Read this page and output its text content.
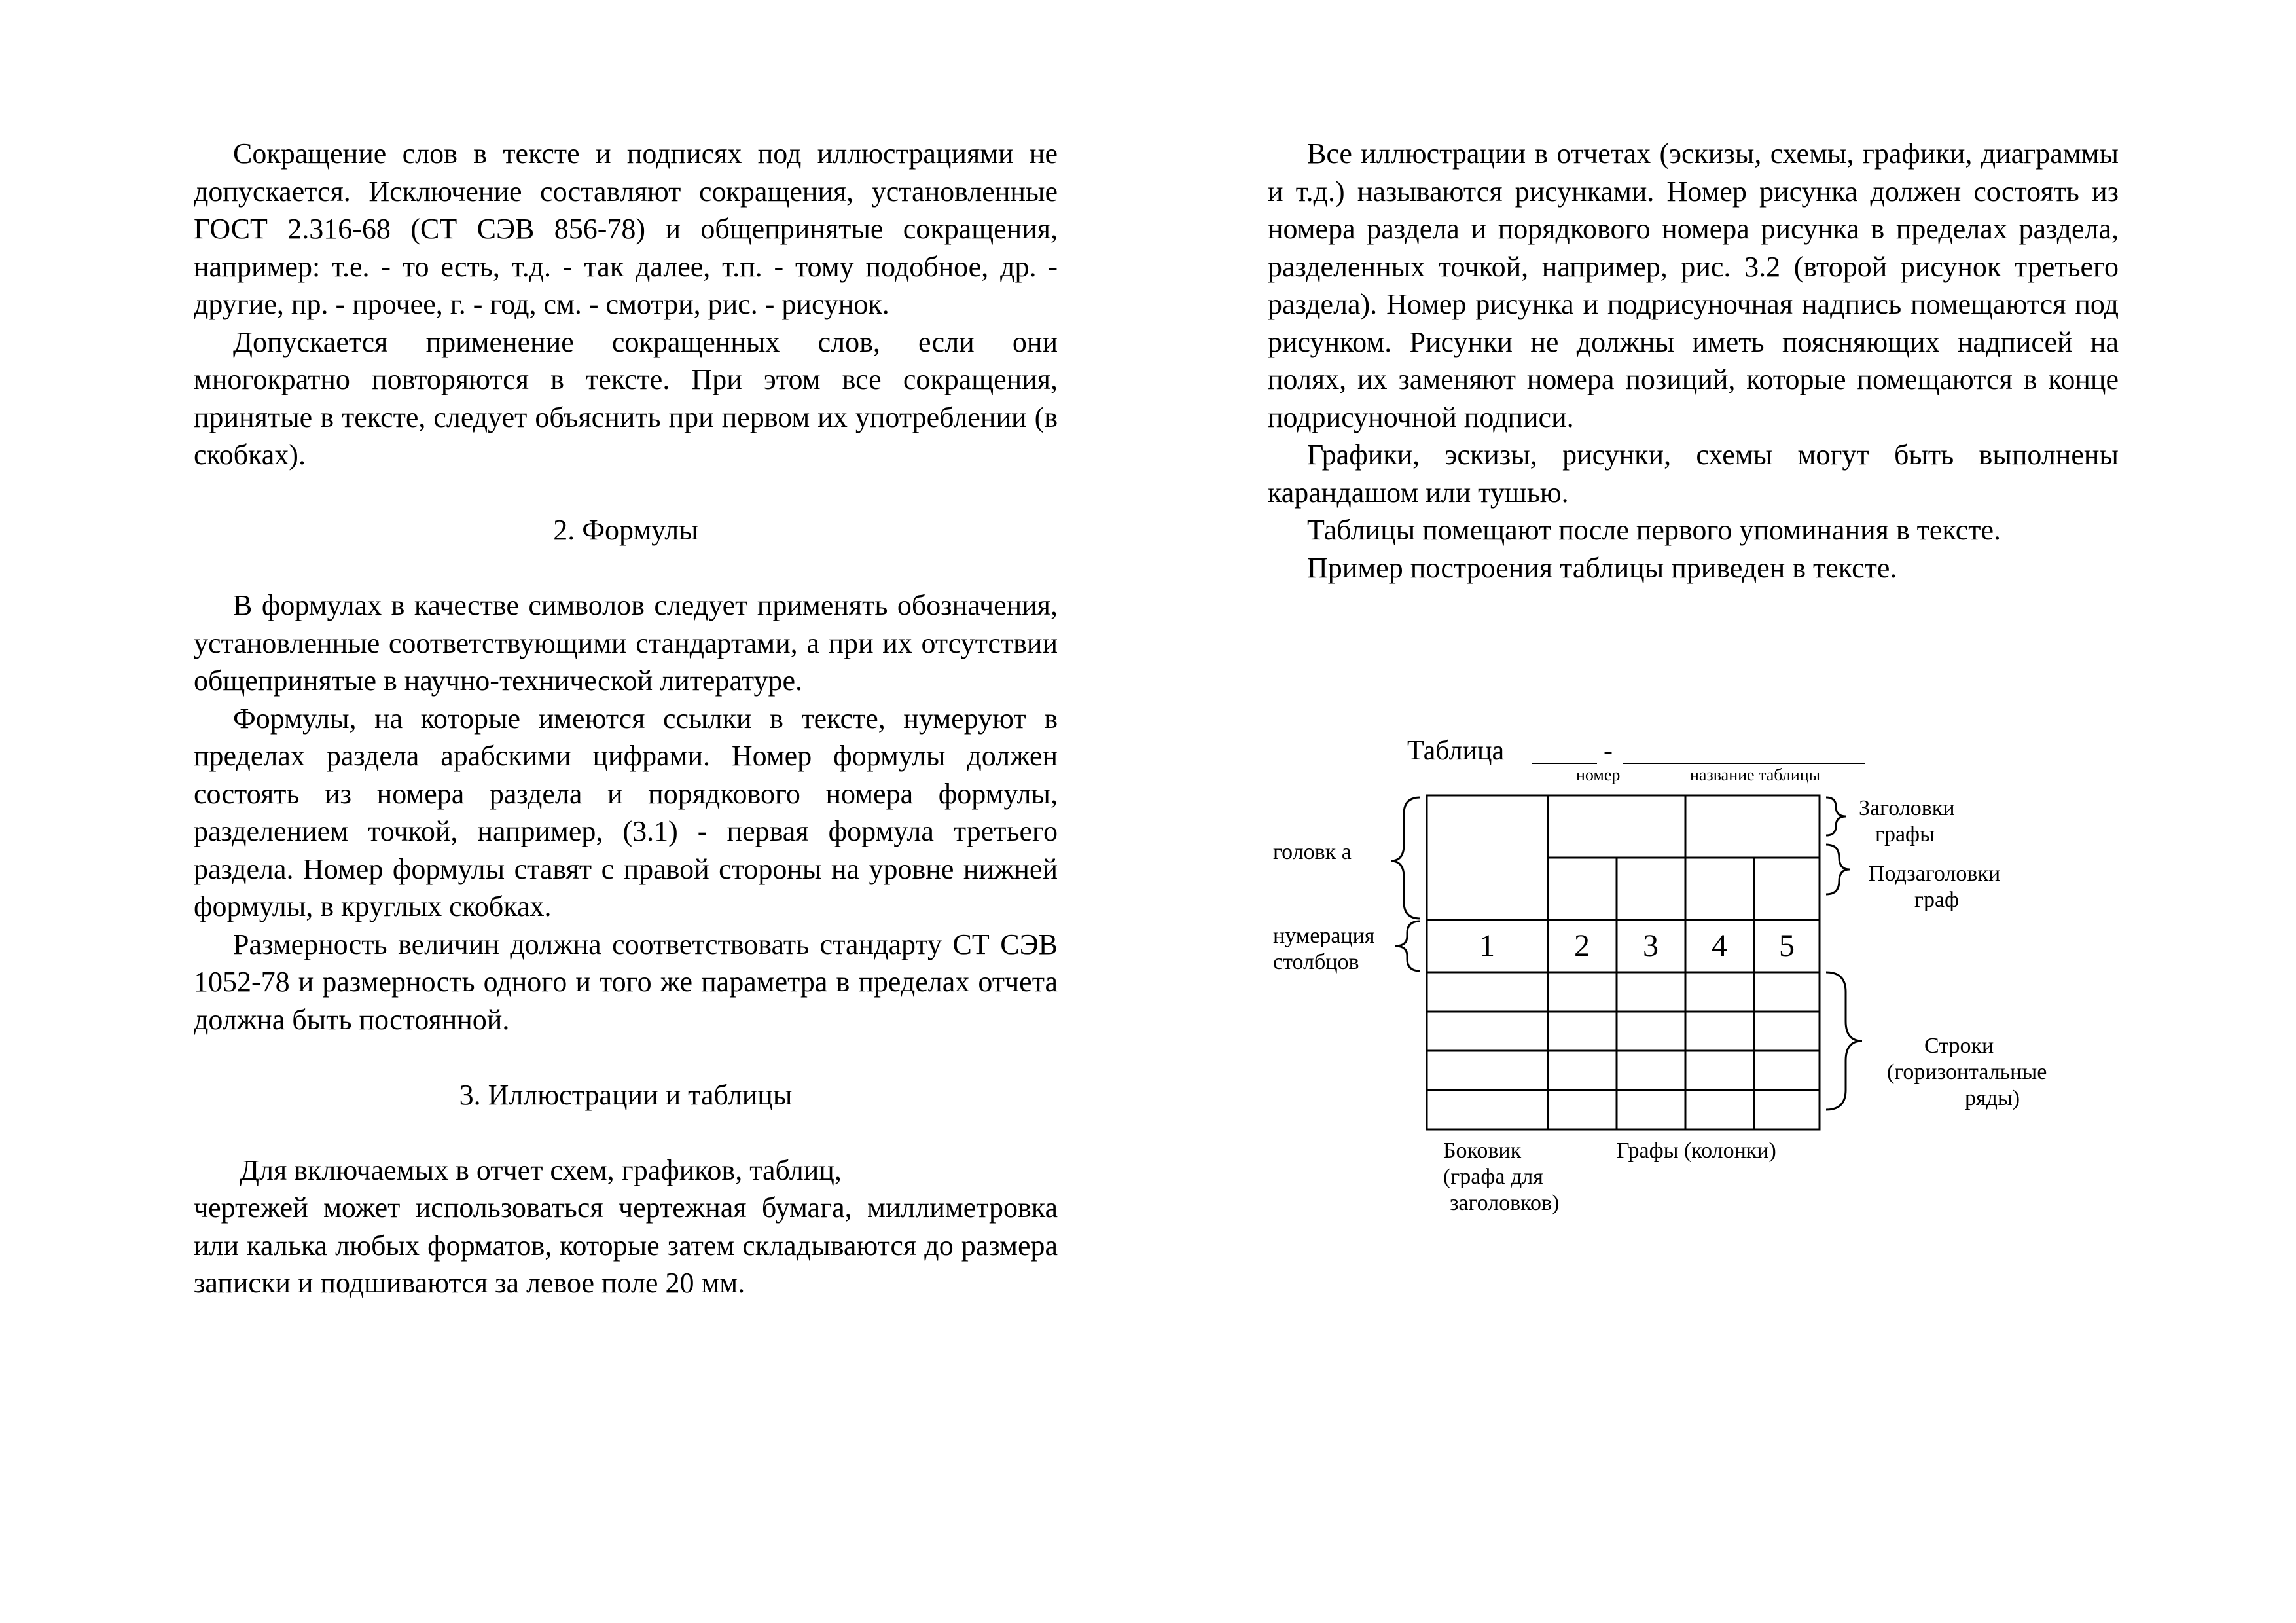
Сокращение слов в тексте и подписях под иллюстрациями не допускается. Исключение составляют сокращения, установленные ГОСТ 2.316-68 (СТ СЭВ 856-78) и общепринятые сокращения, например: т.е. - то есть, т.д. - так далее, т.п. - тому подобное, др. - другие, пр. - прочее, г. - год, см. - смотри, рис. - рисунок.

Допускается применение сокращенных слов, если они многократно повторяются в тексте. При этом все сокращения, принятые в тексте, следует объяснить при первом их употреблении (в скобках).

2. Формулы

В формулах в качестве символов следует применять обозначения, установленные соответствующими стандартами, а при их отсутствии общепринятые в научно-технической литературе.

Формулы, на которые имеются ссылки в тексте, нумеруют в пределах раздела арабскими цифрами. Номер формулы должен состоять из номера раздела и порядкового номера формулы, разделением точкой, например, (3.1) - первая формула третьего раздела. Номер формулы ставят с правой стороны на уровне нижней формулы, в круглых скобках.

Размерность величин должна соответствовать стандарту СТ СЭВ 1052-78 и размерность одного и того же параметра в пределах отчета должна быть постоянной.

3. Иллюстрации и таблицы

Для включаемых в отчет схем, графиков, таблиц,

чертежей может использоваться чертежная бумага, миллиметровка или калька любых форматов, которые затем складываются до размера записки и подшиваются за левое поле 20 мм.

Все иллюстрации в отчетах (эскизы, схемы, графики, диаграммы и т.д.) называются рисунками. Номер рисунка должен состоять из номера раздела и порядкового номера рисунка в пределах раздела, разделенных точкой, например, рис. 3.2 (второй рисунок третьего раздела). Номер рисунка и подрисуночная надпись помещаются под рисунком. Рисунки не должны иметь поясняющих надписей на полях, их заменяют номера позиций, которые помещаются в конце подрисуночной подписи.

Графики, эскизы, рисунки, схемы могут быть выполнены карандашом или тушью.

Таблицы помещают после первого упоминания в тексте.

Пример построения таблицы приведен в тексте.

Таблица	-
номер	название таблицы
1	2 3 4 5
головк а
нумерация
столбцов
Заголовки
графы
Подзаголовки
граф
Строки
(горизонтальные
ряды)
Боковик
(графа для
заголовков)
Графы (колонки)
